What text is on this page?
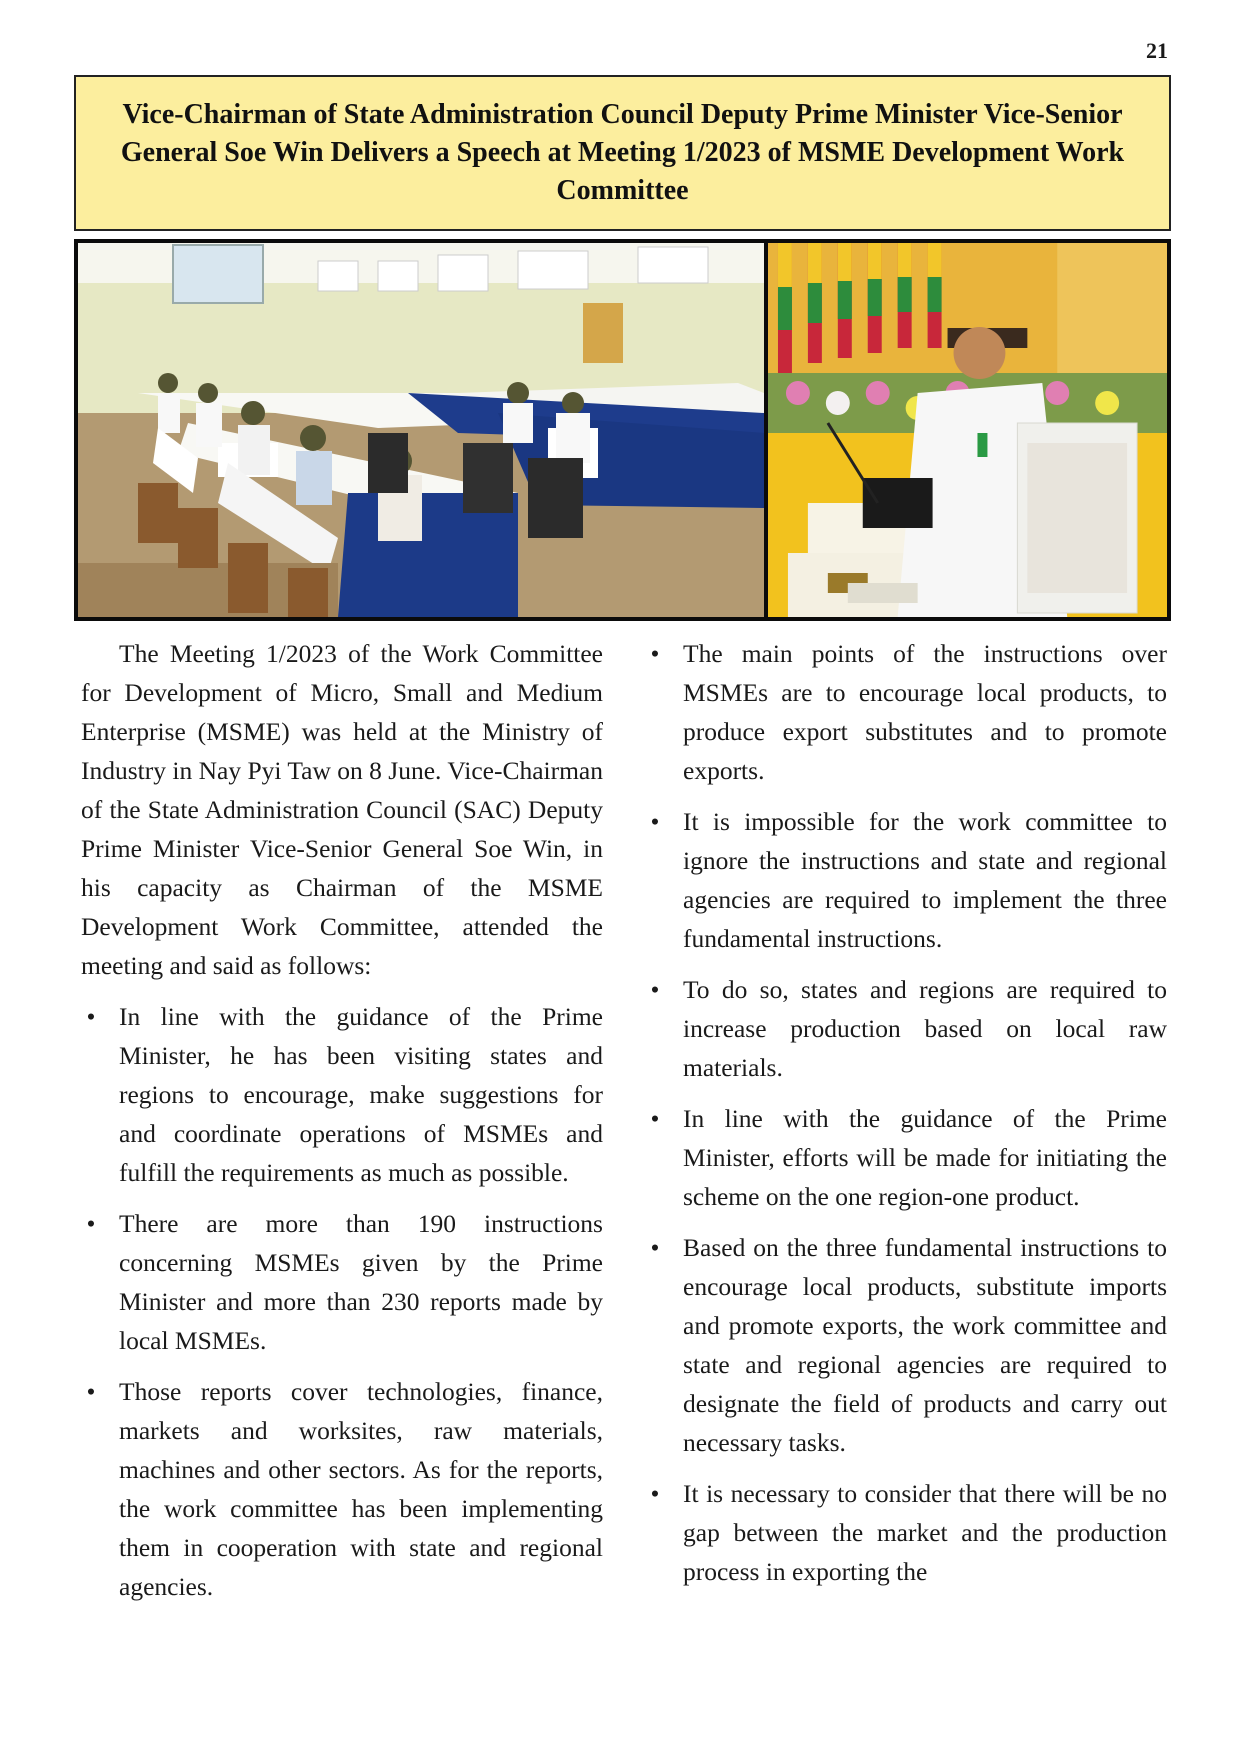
21
Vice-Chairman of State Administration Council Deputy Prime Minister Vice-Senior General Soe Win Delivers a Speech at Meeting 1/2023 of MSME Development Work Committee

The Meeting 1/2023 of the Work Committee for Development of Micro, Small and Medium Enterprise (MSME) was held at the Ministry of Industry in Nay Pyi Taw on 8 June. Vice-Chairman of the State Administration Council (SAC) Deputy Prime Minister Vice-Senior General Soe Win, in his capacity as Chairman of the MSME Development Work Committee, attended the meeting and said as follows:

• In line with the guidance of the Prime Minister, he has been visiting states and regions to encourage, make suggestions for and coordinate operations of MSMEs and fulfill the requirements as much as possible.
• There are more than 190 instructions concerning MSMEs given by the Prime Minister and more than 230 reports made by local MSMEs.
• Those reports cover technologies, finance, markets and worksites, raw materials, machines and other sectors. As for the reports, the work committee has been implementing them in cooperation with state and regional agencies.
• The main points of the instructions over MSMEs are to encourage local products, to produce export substitutes and to promote exports.
• It is impossible for the work committee to ignore the instructions and state and regional agencies are required to implement the three fundamental instructions.
• To do so, states and regions are required to increase production based on local raw materials.
• In line with the guidance of the Prime Minister, efforts will be made for initiating the scheme on the one region-one product.
• Based on the three fundamental instructions to encourage local products, substitute imports and promote exports, the work committee and state and regional agencies are required to designate the field of products and carry out necessary tasks.
• It is necessary to consider that there will be no gap between the market and the production process in exporting the
